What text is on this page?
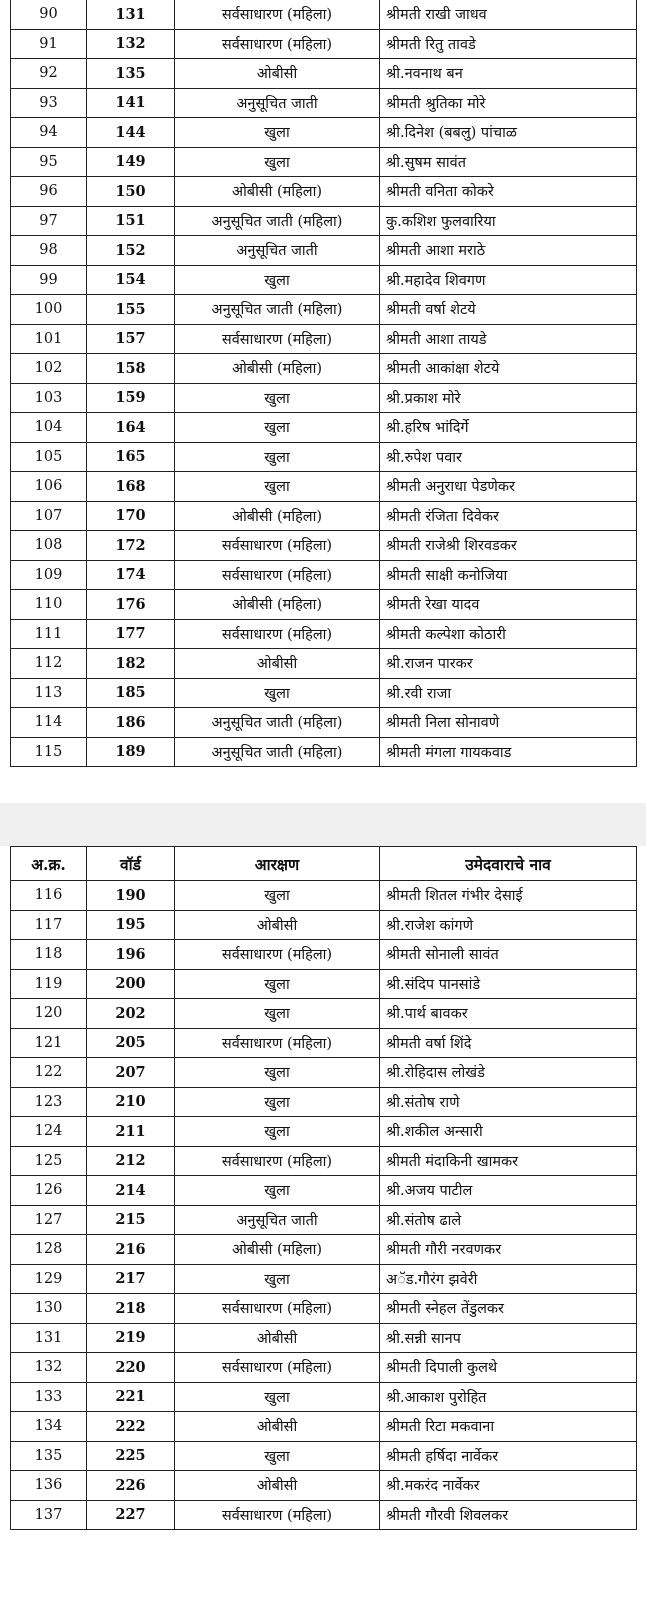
90	131	सर्वसाधारण (महिला)	श्रीमती राखी जाधव
91	132	सर्वसाधारण (महिला)	श्रीमती रितु तावडे
92	135	ओबीसी	श्री.नवनाथ बन
93	141	अनुसूचित जाती	श्रीमती श्रुतिका मोरे
94	144	खुला	श्री.दिनेश (बबलु) पांचाळ
95	149	खुला	श्री.सुषम सावंत
96	150	ओबीसी (महिला)	श्रीमती वनिता कोकरे
97	151	अनुसूचित जाती (महिला)	कु.कशिश फुलवारिया
98	152	अनुसूचित जाती	श्रीमती आशा मराठे
99	154	खुला	श्री.महादेव शिवगण
100	155	अनुसूचित जाती (महिला)	श्रीमती वर्षा शेटये
101	157	सर्वसाधारण (महिला)	श्रीमती आशा तायडे
102	158	ओबीसी (महिला)	श्रीमती आकांक्षा शेटये
103	159	खुला	श्री.प्रकाश मोरे
104	164	खुला	श्री.हरिष भांदिर्गे
105	165	खुला	श्री.रुपेश पवार
106	168	खुला	श्रीमती अनुराधा पेडणेकर
107	170	ओबीसी (महिला)	श्रीमती रंजिता दिवेकर
108	172	सर्वसाधारण (महिला)	श्रीमती राजेश्री शिरवडकर
109	174	सर्वसाधारण (महिला)	श्रीमती साक्षी कनोजिया
110	176	ओबीसी (महिला)	श्रीमती रेखा यादव
111	177	सर्वसाधारण (महिला)	श्रीमती कल्पेशा कोठारी
112	182	ओबीसी	श्री.राजन पारकर
113	185	खुला	श्री.रवी राजा
114	186	अनुसूचित जाती (महिला)	श्रीमती निला सोनावणे
115	189	अनुसूचित जाती (महिला)	श्रीमती मंगला गायकवाड
अ.क्र.	वॉर्ड	आरक्षण	उमेदवाराचे नाव
116	190	खुला	श्रीमती शितल गंभीर देसाई
117	195	ओबीसी	श्री.राजेश कांगणे
118	196	सर्वसाधारण (महिला)	श्रीमती सोनाली सावंत
119	200	खुला	श्री.संदिप पानसांडे
120	202	खुला	श्री.पार्थ बावकर
121	205	सर्वसाधारण (महिला)	श्रीमती वर्षा शिंदे
122	207	खुला	श्री.रोहिदास लोखंडे
123	210	खुला	श्री.संतोष राणे
124	211	खुला	श्री.शकील अन्सारी
125	212	सर्वसाधारण (महिला)	श्रीमती मंदाकिनी खामकर
126	214	खुला	श्री.अजय पाटील
127	215	अनुसूचित जाती	श्री.संतोष ढाले
128	216	ओबीसी (महिला)	श्रीमती गौरी नरवणकर
129	217	खुला	अॅड.गौरंग झवेरी
130	218	सर्वसाधारण (महिला)	श्रीमती स्नेहल तेंडुलकर
131	219	ओबीसी	श्री.सन्नी सानप
132	220	सर्वसाधारण (महिला)	श्रीमती दिपाली कुलथे
133	221	खुला	श्री.आकाश पुरोहित
134	222	ओबीसी	श्रीमती रिटा मकवाना
135	225	खुला	श्रीमती हर्षिदा नार्वेकर
136	226	ओबीसी	श्री.मकरंद नार्वेकर
137	227	सर्वसाधारण (महिला)	श्रीमती गौरवी शिवलकर
